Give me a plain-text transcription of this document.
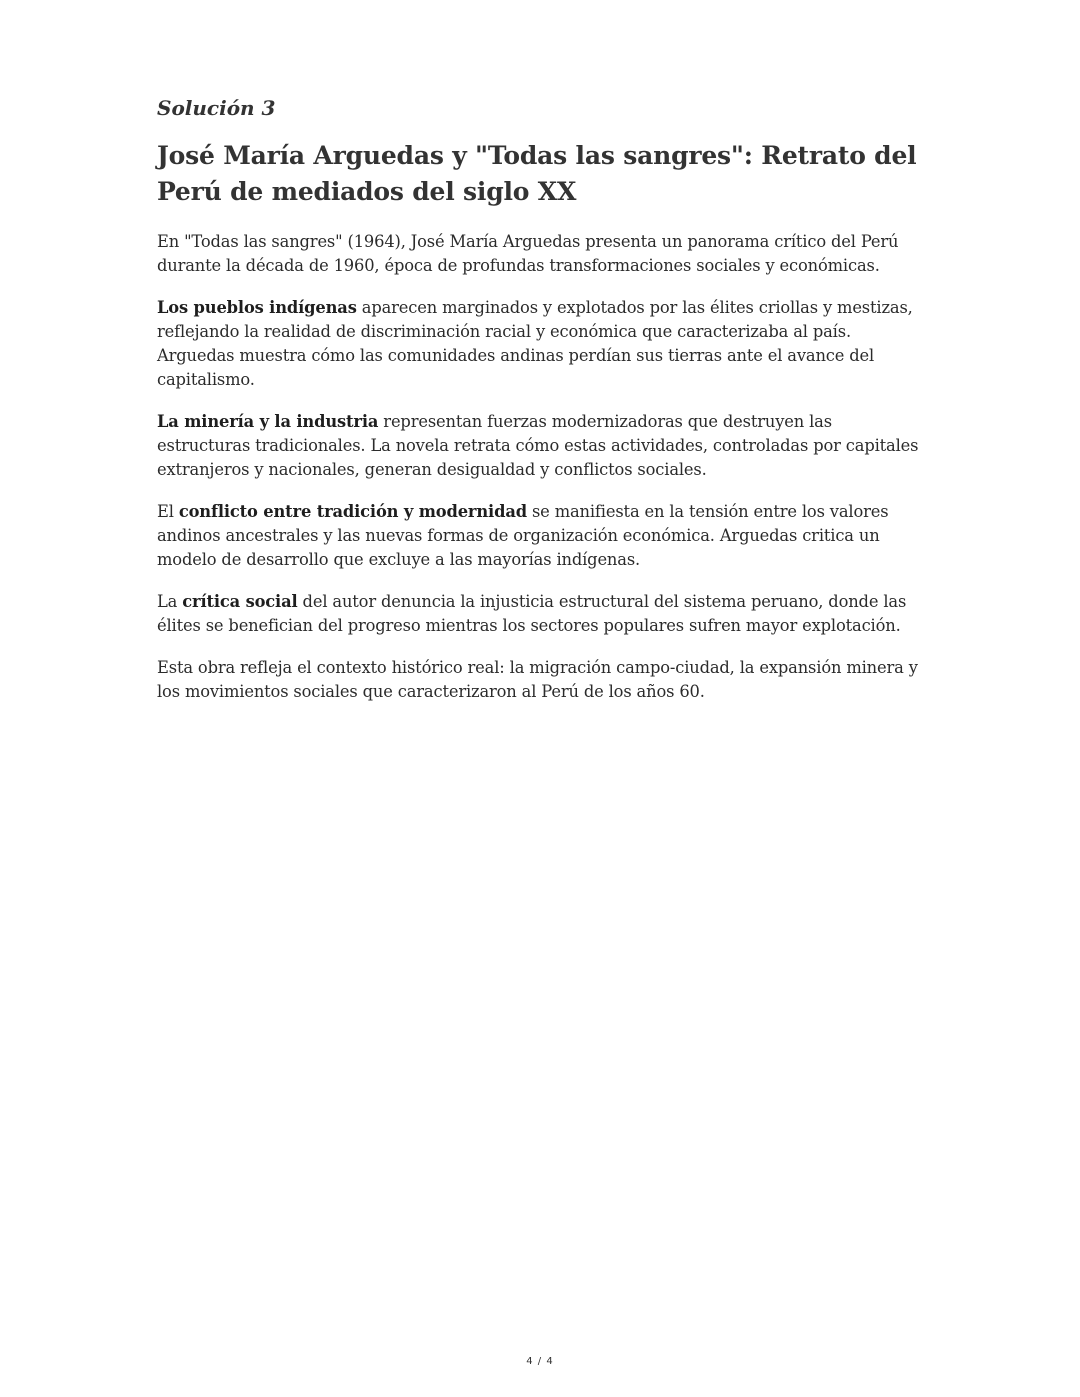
Solución 3
José María Arguedas y "Todas las sangres": Retrato del Perú de mediados del siglo XX

En "Todas las sangres" (1964), José María Arguedas presenta un panorama crítico del Perú durante la década de 1960, época de profundas transformaciones sociales y económicas.

Los pueblos indígenas aparecen marginados y explotados por las élites criollas y mestizas, reflejando la realidad de discriminación racial y económica que caracterizaba al país. Arguedas muestra cómo las comunidades andinas perdían sus tierras ante el avance del capitalismo.

La minería y la industria representan fuerzas modernizadoras que destruyen las estructuras tradicionales. La novela retrata cómo estas actividades, controladas por capitales extranjeros y nacionales, generan desigualdad y conflictos sociales.

El conflicto entre tradición y modernidad se manifiesta en la tensión entre los valores andinos ancestrales y las nuevas formas de organización económica. Arguedas critica un modelo de desarrollo que excluye a las mayorías indígenas.

La crítica social del autor denuncia la injusticia estructural del sistema peruano, donde las élites se benefician del progreso mientras los sectores populares sufren mayor explotación.

Esta obra refleja el contexto histórico real: la migración campo-ciudad, la expansión minera y los movimientos sociales que caracterizaron al Perú de los años 60.

4 / 4
